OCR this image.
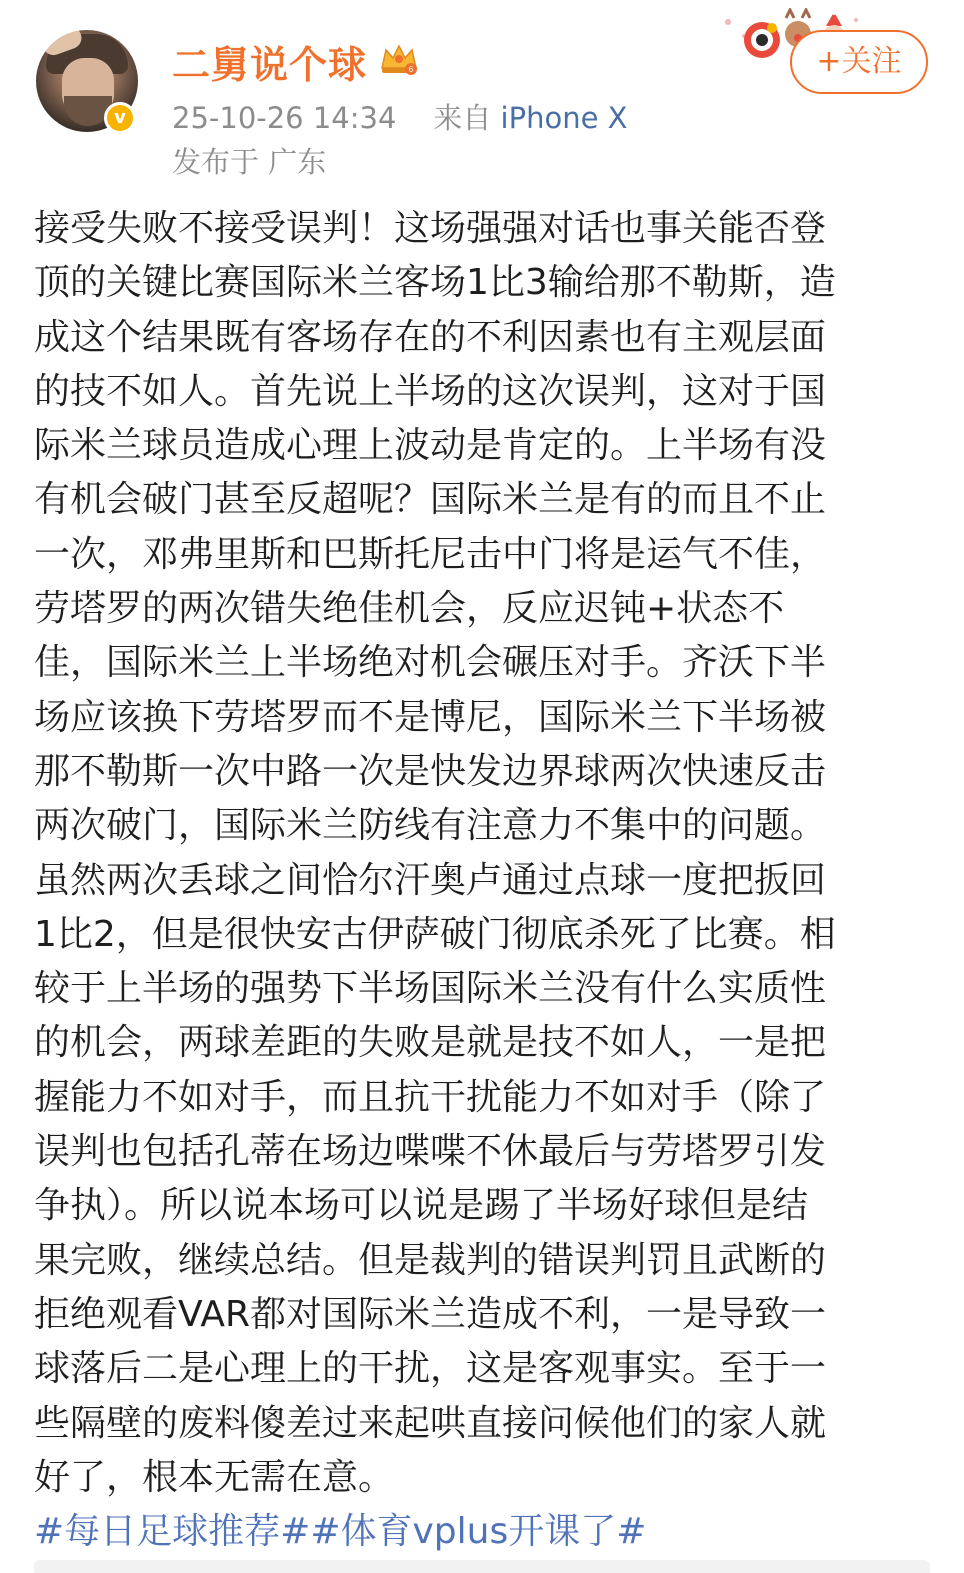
v
二舅说个球	6
25-10-26 14:34 来自 iPhone X
发布于 广东
+关注
接受失败不接受误判！这场强强对话也事关能否登
顶的关键比赛国际米兰客场1比3输给那不勒斯，造
成这个结果既有客场存在的不利因素也有主观层面
的技不如人。首先说上半场的这次误判，这对于国
际米兰球员造成心理上波动是肯定的。上半场有没
有机会破门甚至反超呢？国际米兰是有的而且不止
一次，邓弗里斯和巴斯托尼击中门将是运气不佳，
劳塔罗的两次错失绝佳机会，反应迟钝+状态不
佳，国际米兰上半场绝对机会碾压对手。齐沃下半
场应该换下劳塔罗而不是博尼，国际米兰下半场被
那不勒斯一次中路一次是快发边界球两次快速反击
两次破门，国际米兰防线有注意力不集中的问题。
虽然两次丢球之间恰尔汗奥卢通过点球一度把扳回
1比2，但是很快安古伊萨破门彻底杀死了比赛。相
较于上半场的强势下半场国际米兰没有什么实质性
的机会，两球差距的失败是就是技不如人，一是把
握能力不如对手，而且抗干扰能力不如对手（除了
误判也包括孔蒂在场边喋喋不休最后与劳塔罗引发
争执）。所以说本场可以说是踢了半场好球但是结
果完败，继续总结。但是裁判的错误判罚且武断的
拒绝观看VAR都对国际米兰造成不利，一是导致一
球落后二是心理上的干扰，这是客观事实。至于一
些隔壁的废料傻差过来起哄直接问候他们的家人就
好了，根本无需在意。
#每日足球推荐##体育vplus开课了#
